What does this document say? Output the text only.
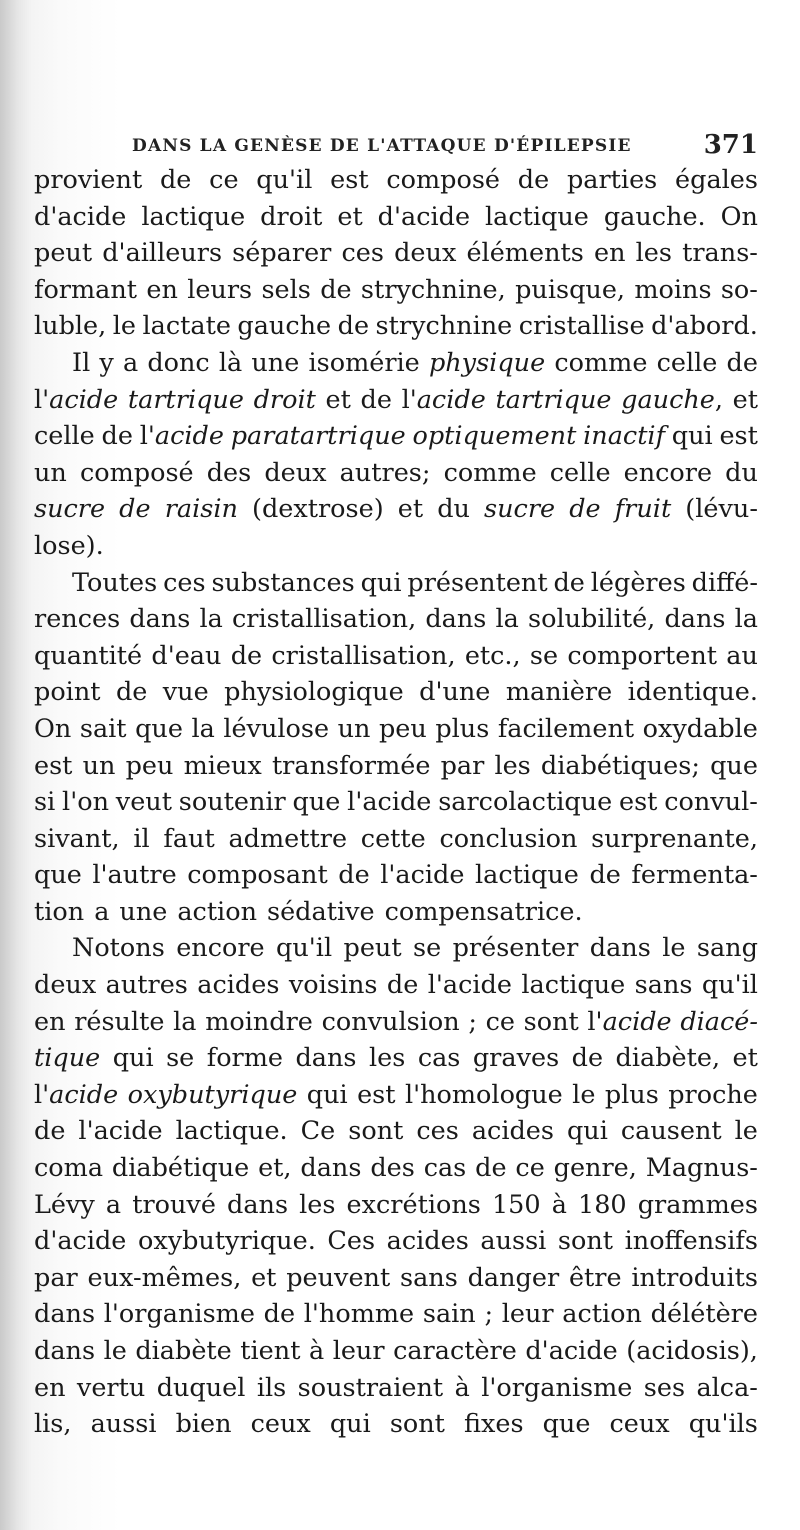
DANS LA GENÈSE DE L'ATTAQUE D'ÉPILEPSIE	371
provient de ce qu'il est composé de parties égales
d'acide lactique droit et d'acide lactique gauche. On
peut d'ailleurs séparer ces deux éléments en les trans-
formant en leurs sels de strychnine, puisque, moins so-
luble, le lactate gauche de strychnine cristallise d'abord.
Il y a donc là une isomérie physique comme celle de
l'acide tartrique droit et de l'acide tartrique gauche, et
celle de l'acide paratartrique optiquement inactif qui est
un composé des deux autres; comme celle encore du
sucre de raisin (dextrose) et du sucre de fruit (lévu-
lose).
Toutes ces substances qui présentent de légères diffé-
rences dans la cristallisation, dans la solubilité, dans la
quantité d'eau de cristallisation, etc., se comportent au
point de vue physiologique d'une manière identique.
On sait que la lévulose un peu plus facilement oxydable
est un peu mieux transformée par les diabétiques; que
si l'on veut soutenir que l'acide sarcolactique est convul-
sivant, il faut admettre cette conclusion surprenante,
que l'autre composant de l'acide lactique de fermenta-
tion a une action sédative compensatrice.
Notons encore qu'il peut se présenter dans le sang
deux autres acides voisins de l'acide lactique sans qu'il
en résulte la moindre convulsion ; ce sont l'acide diacé-
tique qui se forme dans les cas graves de diabète, et
l'acide oxybutyrique qui est l'homologue le plus proche
de l'acide lactique. Ce sont ces acides qui causent le
coma diabétique et, dans des cas de ce genre, Magnus-
Lévy a trouvé dans les excrétions 150 à 180 grammes
d'acide oxybutyrique. Ces acides aussi sont inoffensifs
par eux-mêmes, et peuvent sans danger être introduits
dans l'organisme de l'homme sain ; leur action délétère
dans le diabète tient à leur caractère d'acide (acidosis),
en vertu duquel ils soustraient à l'organisme ses alca-
lis, aussi bien ceux qui sont fixes que ceux qu'ils
